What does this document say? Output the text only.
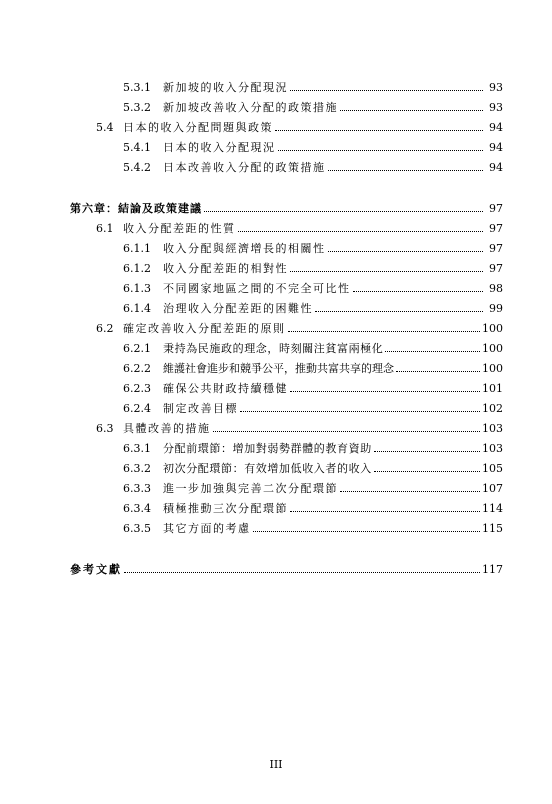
5.3.1	新加坡的收入分配現況	93
5.3.2	新加坡改善收入分配的政策措施	93
5.4 日本的收入分配問題與政策	94
5.4.1	日本的收入分配現況	94
5.4.2	日本改善收入分配的政策措施	94
第六章：結論及政策建議	97
6.1 收入分配差距的性質	97
6.1.1	收入分配與經濟增長的相關性	97
6.1.2	收入分配差距的相對性	97
6.1.3	不同國家地區之間的不完全可比性	98
6.1.4	治理收入分配差距的困難性	99
6.2 確定改善收入分配差距的原則	100
6.2.1	秉持為民施政的理念，時刻關注貧富兩極化	100
6.2.2	維護社會進步和競爭公平，推動共富共享的理念	100
6.2.3	確保公共財政持續穩健	101
6.2.4	制定改善目標	102
6.3 具體改善的措施	103
6.3.1	分配前環節：增加對弱勢群體的教育資助	103
6.3.2	初次分配環節：有效增加低收入者的收入	105
6.3.3	進一步加強與完善二次分配環節	107
6.3.4	積極推動三次分配環節	114
6.3.5	其它方面的考慮	115
參考文獻	117
III
